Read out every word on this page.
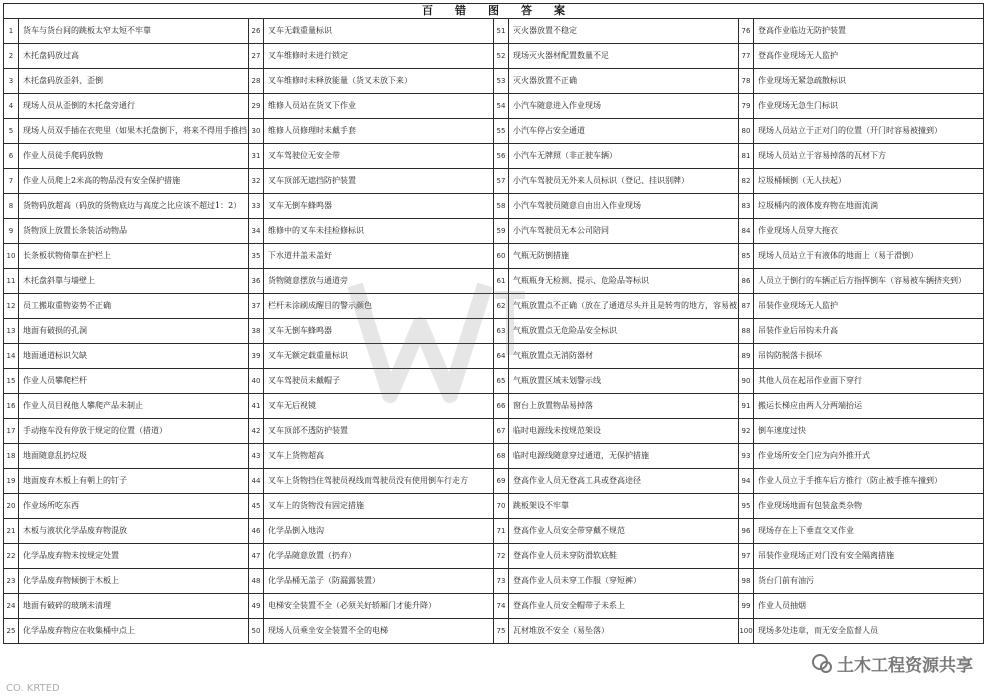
百错图答案							
1	货车与货台间的跳板太窄太短不牢靠	26	叉车无载重量标识	51	灭火器放置不稳定	76	登高作业临边无防护装置
2	木托盘码放过高	27	叉车维修时未进行锁定	52	现场灭火器材配置数量不足	77	登高作业现场无人监护
3	木托盘码放歪斜、歪倒	28	叉车维修时未释放能量（货叉未放下来）	53	灭火器放置不正确	78	作业现场无紧急疏散标识
4	现场人员从歪倒的木托盘旁通行	29	维修人员站在货叉下作业	54	小汽车随意进入作业现场	79	作业现场无急生门标识
5	现场人员双手插在衣兜里（如果木托盘倒下，将来不得用手推挡	30	维修人员修理时未戴手套	55	小汽车停占安全通道	80	现场人员站立于正对门的位置（开门时容易被撞到）
6	作业人员徒手爬码放物	31	叉车驾驶位无安全带	56	小汽车无牌照（非正驶车辆）	81	现场人员站立于容易掉落的瓦材下方
7	作业人员爬上2米高的物品没有安全保护措施	32	叉车顶部无遮挡防护装置	57	小汽车驾驶员无外来人员标识（登记、挂识别牌）	82	垃圾桶倾倒（无人扶起）
8	货物码放超高（码放的货物底边与高度之比应该不超过1：2）	33	叉车无倒车蜂鸣器	58	小汽车驾驶员随意自由出入作业现场	83	垃圾桶内的液体废弃物在地面流淌
9	货物顶上放置长条装活动物品	34	维修中的叉车未挂检修标识	59	小汽车驾驶员无本公司陪同	84	作业现场人员穿大拖衣
10	长条板状物倚靠在护栏上	35	下水道井盖未盖好	60	气瓶无防倒措施	85	现场人员站立于有液体的地面上（易于滑倒）
11	木托盘斜靠与墙壁上	36	货物随意摆放与通道旁	61	气瓶瓶身无检测、提示、危险品等标识	86	人员立于倒行的车辆正后方指挥倒车（容易被车辆挤夹到）
12	员工搬取重物姿势不正确	37	栏杆未涂刷成醒目的警示颜色	62	气瓶放置点不正确（放在了通道尽头并且是转弯的地方，容易被	87	吊装作业现场无人监护
13	地面有破损的孔洞	38	叉车无倒车蜂鸣器	63	气瓶放置点无危险品安全标识	88	吊装作业后吊钩未升高
14	地面通道标识欠缺	39	叉车无额定载重量标识	64	气瓶放置点无消防器材	89	吊钩防脱落卡损坏
15	作业人员攀爬栏杆	40	叉车驾驶员未戴帽子	65	气瓶放置区域未划警示线	90	其他人员在起吊作业面下穿行
16	作业人员目视他人攀爬产品未制止	41	叉车无后视镜	66	窗台上放置物品易掉落	91	搬运长梯应由两人分两端抬运
17	手动拖车没有停放于规定的位置（措道）	42	叉车顶部不透防护装置	67	临时电源线未按规范架设	92	倒车速度过快
18	地面随意乱扔垃圾	43	叉车上货物超高	68	临时电源线随意穿过通道，无保护措施	93	作业场所安全门应为向外推开式
19	地面废弃木板上有朝上的钉子	44	叉车上货物挡住驾驶员视线而驾驶员没有使用倒车行走方	69	登高作业人员无登高工具或登高途径	94	作业人员立于手推车后方推行（防止被手推车撞到）
20	作业场所吃东西	45	叉车上的货物没有固定措施	70	跳板架设不牢靠	95	作业现场地面有包装盒类杂物
21	木板与液状化学品废弃物混放	46	化学品倒入地沟	71	登高作业人员安全带穿戴不规范	96	现场存在上下垂直交叉作业
22	化学品废弃物未按规定处置	47	化学品随意放置（扔弃）	72	登高作业人员未穿防滑软底鞋	97	吊装作业现场正对门没有安全隔离措施
23	化学品废弃物倾倒于木板上	48	化学品桶无盖子（防漏露装置）	73	登高作业人员未穿工作服（穿短裤）	98	货台门前有油污
24	地面有破碎的玻璃未清理	49	电梯安全装置不全（必须关好轿厢门才能升降）	74	登高作业人员安全帽带子未系上	99	作业人员抽烟
25	化学品废弃物应在收集桶中点上	50	现场人员乘坐安全装置不全的电梯	75	瓦材堆放不安全（易坠落）	100	现场多处违章，而无安全监督人员
土木工程资源共享
CO. KRTED
